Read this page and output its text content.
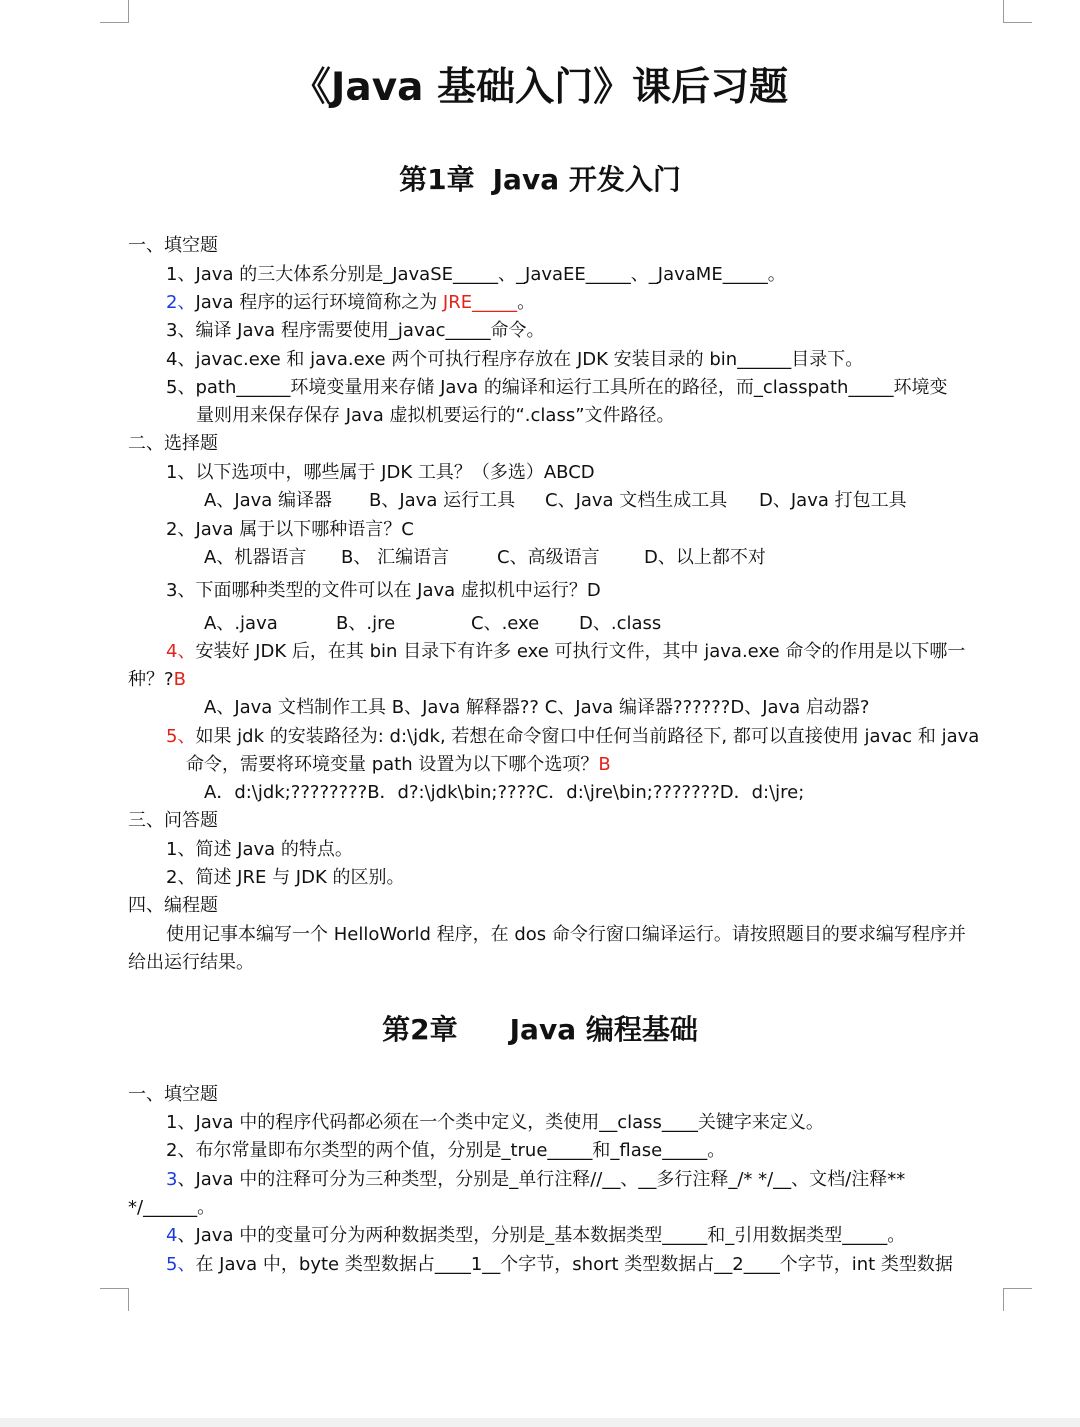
《Java 基础入门》课后习题
第1章 Java 开发入门
一、填空题
1、Java 的三大体系分别是_JavaSE_____、_JavaEE_____、_JavaME_____。
2、Java 程序的运行环境简称之为 JRE_____。
3、编译 Java 程序需要使用_javac_____命令。
4、javac.exe 和 java.exe 两个可执行程序存放在 JDK 安装目录的 bin______目录下。
5、path______环境变量用来存储 Java 的编译和运行工具所在的路径，而_classpath_____环境变
量则用来保存保存 Java 虚拟机要运行的“.class”文件路径。
二、选择题
1、以下选项中，哪些属于 JDK 工具？（多选）ABCD
A、Java 编译器 B、Java 运行工具 C、Java 文档生成工具 D、Java 打包工具
2、Java 属于以下哪种语言？C
A、机器语言 B、 汇编语言	C、高级语言 D、以上都不对
3、下面哪种类型的文件可以在 Java 虚拟机中运行？D
A、.java	B、.jre	C、.exe D、.class
4、安装好 JDK 后，在其 bin 目录下有许多 exe 可执行文件，其中 java.exe 命令的作用是以下哪一
种？?B
A、Java 文档制作工具 B、Java 解释器?? C、Java 编译器??????D、Java 启动器?
5、如果 jdk 的安装路径为: d:\jdk, 若想在命令窗口中任何当前路径下, 都可以直接使用 javac 和 java
命令，需要将环境变量 path 设置为以下哪个选项？B
A．d:\jdk;????????B．d?:\jdk\bin;????C．d:\jre\bin;???????D．d:\jre;
三、问答题
1、简述 Java 的特点。
2、简述 JRE 与 JDK 的区别。
四、编程题
使用记事本编写一个 HelloWorld 程序，在 dos 命令行窗口编译运行。请按照题目的要求编写程序并
给出运行结果。
第2章 Java 编程基础
一、填空题
1、Java 中的程序代码都必须在一个类中定义，类使用__class____关键字来定义。
2、布尔常量即布尔类型的两个值，分别是_true_____和_flase_____。
3、Java 中的注释可分为三种类型，分别是_单行注释//__、__多行注释_/* */__、文档/注释**
*/______。
4、Java 中的变量可分为两种数据类型，分别是_基本数据类型_____和_引用数据类型_____。
5、在 Java 中，byte 类型数据占____1__个字节，short 类型数据占__2____个字节，int 类型数据
